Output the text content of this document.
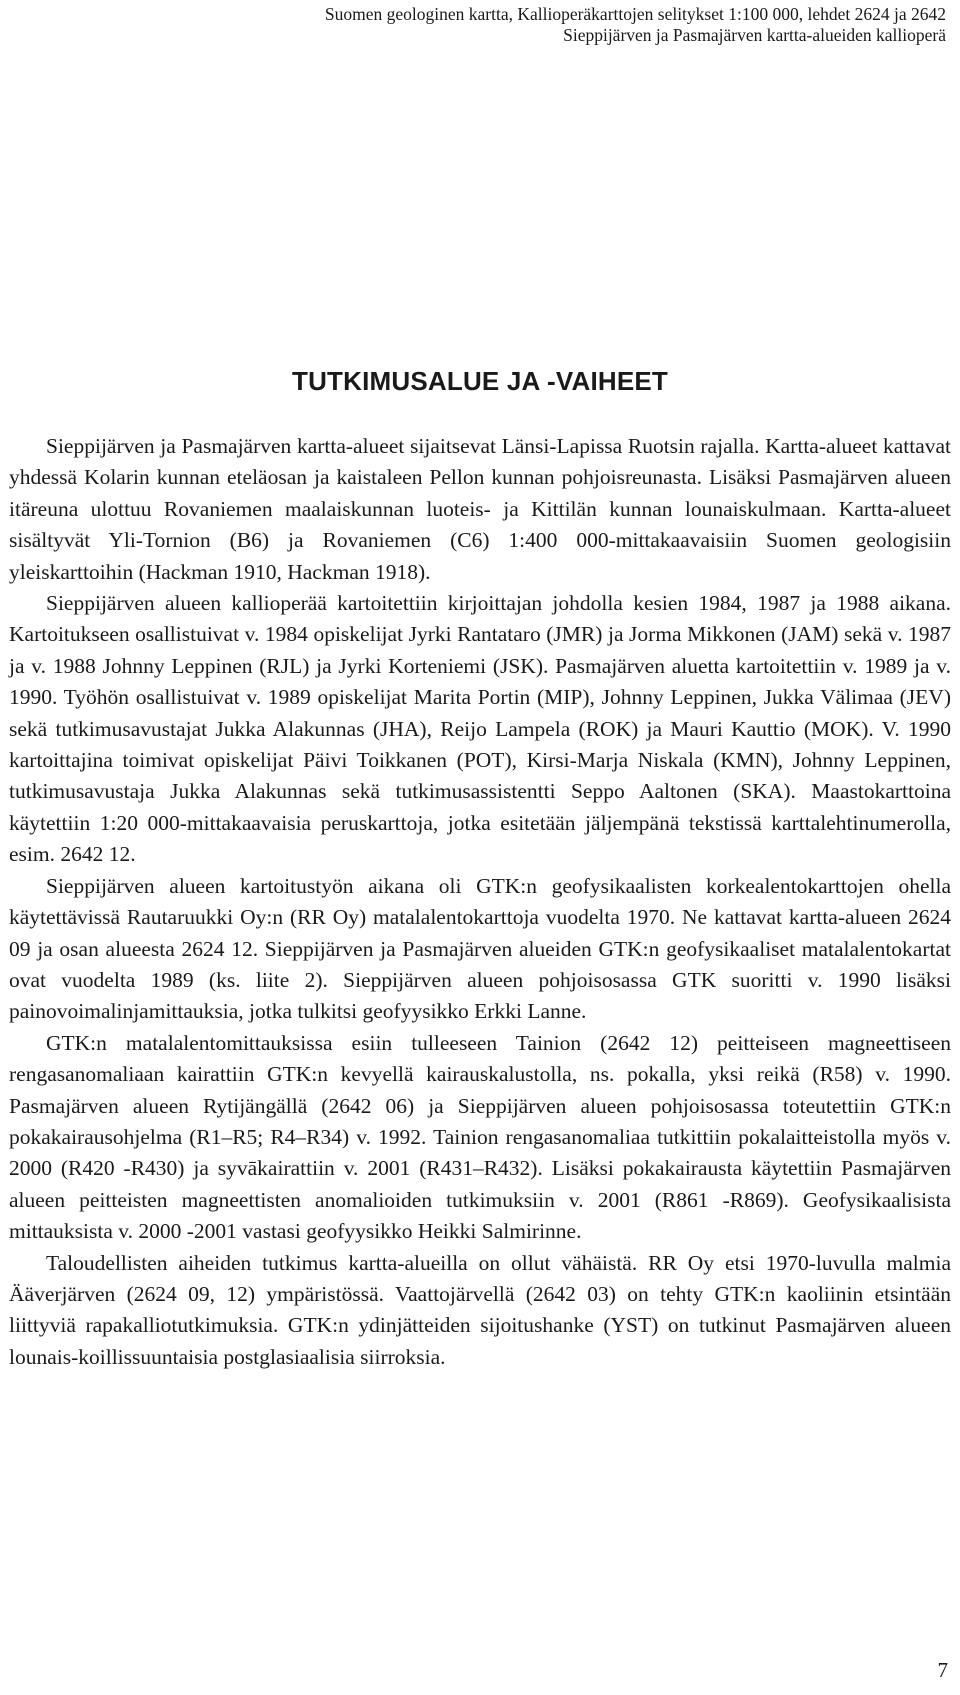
Suomen geologinen kartta, Kallioperäkarttojen selitykset 1:100 000, lehdet 2624 ja 2642
Sieppijärven ja Pasmajärven kartta-alueiden kallioperä
TUTKIMUSALUE JA -VAIHEET

Sieppijärven ja Pasmajärven kartta-alueet sijaitsevat Länsi-Lapissa Ruotsin rajalla. Kartta-alueet kattavat yhdessä Kolarin kunnan eteläosan ja kaistaleen Pellon kunnan pohjoisreunasta. Lisäksi Pasmajärven alueen itäreuna ulottuu Rovaniemen maalaiskunnan luoteis- ja Kittilän kunnan lounaiskulmaan. Kartta-alueet sisältyvät Yli-Tornion (B6) ja Rovaniemen (C6) 1:400 000-mittakaavaisiin Suomen geologisiin yleiskarttoihin (Hackman 1910, Hackman 1918).

Sieppijärven alueen kallioperää kartoitettiin kirjoittajan johdolla kesien 1984, 1987 ja 1988 aikana. Kartoitukseen osallistuivat v. 1984 opiskelijat Jyrki Rantataro (JMR) ja Jorma Mikkonen (JAM) sekä v. 1987 ja v. 1988 Johnny Leppinen (RJL) ja Jyrki Korteniemi (JSK). Pasmajärven aluetta kartoitettiin v. 1989 ja v. 1990. Työhön osallistuivat v. 1989 opiskelijat Marita Portin (MIP), Johnny Leppinen, Jukka Välimaa (JEV) sekä tutkimusavustajat Jukka Alakunnas (JHA), Reijo Lampela (ROK) ja Mauri Kauttio (MOK). V. 1990 kartoittajina toimivat opiskelijat Päivi Toikkanen (POT), Kirsi-Marja Niskala (KMN), Johnny Leppinen, tutkimusavustaja Jukka Alakunnas sekä tutkimusassistentti Seppo Aaltonen (SKA). Maastokarttoina käytettiin 1:20 000-mittakaavaisia peruskarttoja, jotka esitetään jäljempänä tekstissä karttalehtinumerolla, esim. 2642 12.

Sieppijärven alueen kartoitustyön aikana oli GTK:n geofysikaalisten korkealentokarttojen ohella käytettävissä Rautaruukki Oy:n (RR Oy) matalalentokarttoja vuodelta 1970. Ne kattavat kartta-alueen 2624 09 ja osan alueesta 2624 12. Sieppijärven ja Pasmajärven alueiden GTK:n geofysikaaliset matalalentokartat ovat vuodelta 1989 (ks. liite 2). Sieppijärven alueen pohjoisosassa GTK suoritti v. 1990 lisäksi painovoimalinjamittauksia, jotka tulkitsi geofyysikko Erkki Lanne.

GTK:n matalalentomittauksissa esiin tulleeseen Tainion (2642 12) peitteiseen magneettiseen rengasanomaliaan kairattiin GTK:n kevyellä kairauskalustolla, ns. pokalla, yksi reikä (R58) v. 1990. Pasmajärven alueen Rytijängällä (2642 06) ja Sieppijärven alueen pohjoisosassa toteutettiin GTK:n pokakairausohjelma (R1–R5; R4–R34) v. 1992. Tainion rengasanomaliaa tutkittiin pokalaitteistolla myös v. 2000 (R420 -R430) ja syvākairattiin v. 2001 (R431–R432). Lisäksi pokakairausta käytettiin Pasmajärven alueen peitteisten magneettisten anomalioiden tutkimuksiin v. 2001 (R861 -R869). Geofysikaalisista mittauksista v. 2000 -2001 vastasi geofyysikko Heikki Salmirinne.

Taloudellisten aiheiden tutkimus kartta-alueilla on ollut vähäistä. RR Oy etsi 1970-luvulla malmia Ääverjärven (2624 09, 12) ympäristössä. Vaattojärvellä (2642 03) on tehty GTK:n kaoliinin etsintään liittyviä rapakalliotutkimuksia. GTK:n ydinjätteiden sijoitushanke (YST) on tutkinut Pasmajärven alueen lounais-koillissuuntaisia postglasiaalisia siirroksia.

7
